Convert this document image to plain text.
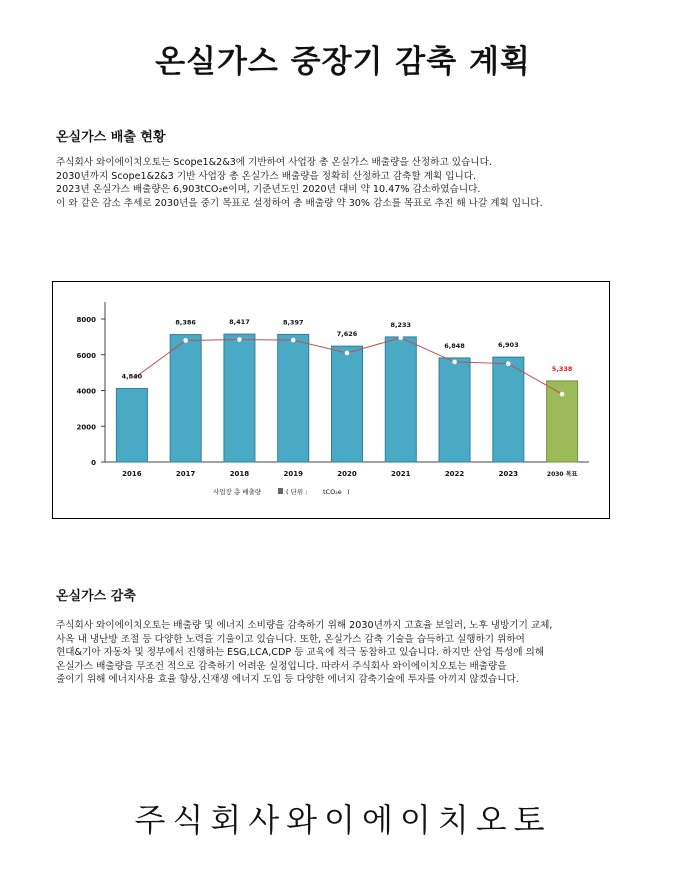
온실가스 중장기 감축 계획
온실가스 배출 현황
주식회사 와이에이치오토는 Scope1&2&3에 기반하여 사업장 총 온실가스 배출량을 산정하고 있습니다.
2030년까지 Scope1&2&3 기반 사업장 총 온실가스 배출량을 정확히 산정하고 감축할 계획 입니다.
2023년 온실가스 배출량은 6,903tCO₂e이며, 기준년도인 2020년 대비 약 10.47% 감소하였습니다.
이 와 같은 감소 추세로 2030년을 중기 목표로 설정하여 총 배출량 약 30% 감소를 목표로 추진 해 나갈 계획 입니다.
0
2000
4000
6000
8000
4,840
8,386	8,417	8,397
7,626
8,233
6,848	6,903
5,338
2016	2017	2018	2019	2020	2021	2022	2023	2030 목표
사업장 총 배출량	( 단위 : tCO₂e )
온실가스 감축
주식회사 와이에이치오토는 배출량 및 에너지 소비량을 감축하기 위해 2030년까지 고효율 보일러, 노후 냉방기기 교체,
사옥 내 냉난방 조절 등 다양한 노력을 기울이고 있습니다. 또한, 온실가스 감축 기술을 습득하고 실행하기 위하여
현대&기아 자동차 및 정부에서 진행하는 ESG,LCA,CDP 등 교육에 적극 동참하고 있습니다. 하지만 산업 특성에 의해
온실가스 배출량을 무조건 적으로 감축하기 어려운 실정입니다. 따라서 주식회사 와이에이치오토는 배출량을
줄이기 위해 에너지사용 효율 향상,신재생 에너지 도입 등 다양한 에너지 감축기술에 투자를 아끼지 않겠습니다.
주식회사와이에이치오토
